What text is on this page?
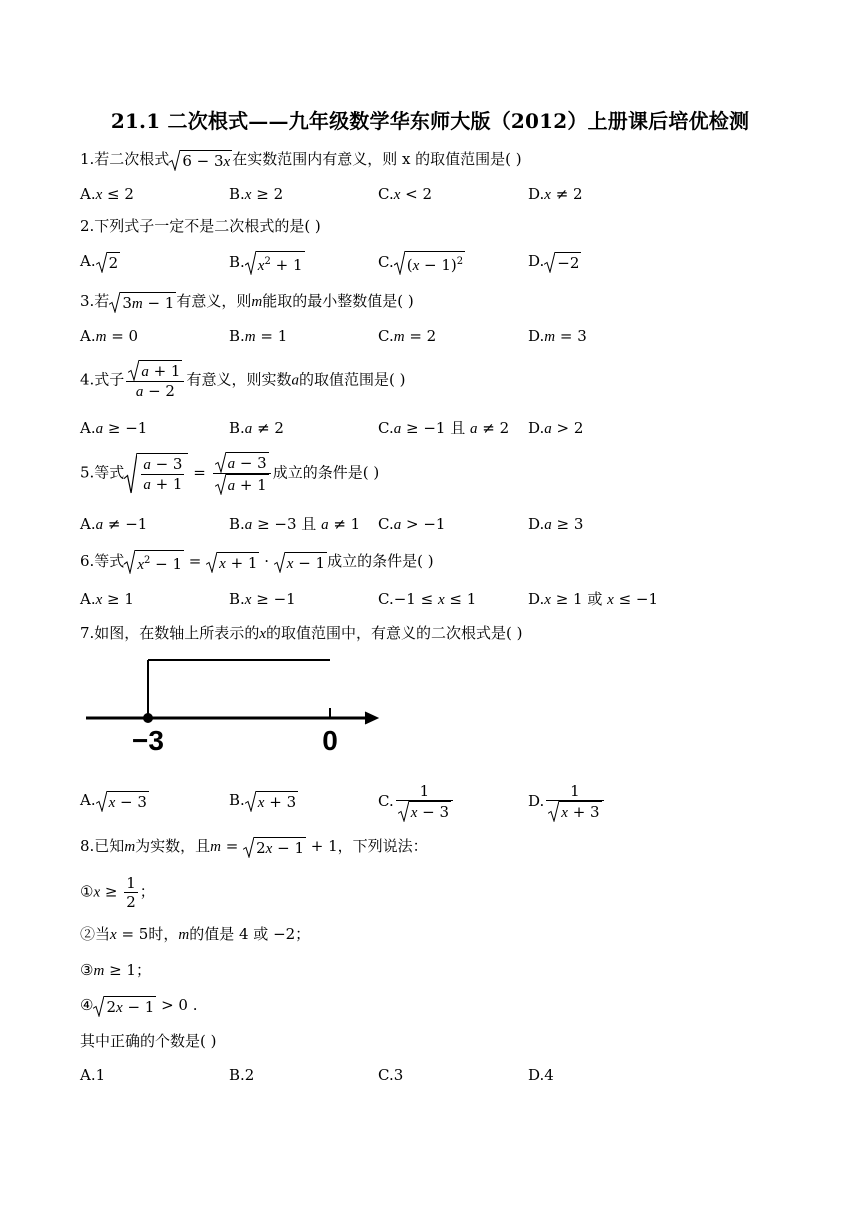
21.1 二次根式——九年级数学华东师大版（2012）上册课后培优检测
1.若二次根式 6 − 3x 在实数范围内有意义，则 x 的取值范围是( )
A.x ≤ 2	B.x ≥ 2	C.x < 2	D.x ≠ 2
2.下列式子一定不是二次根式的是( )
A. 2	B. $x^2 + 1$	C. $(x - 1)^2$	D. −2
3.若 3m − 1 有意义，则m能取的最小整数值是( )
A.m = 0	B.m = 1	C.m = 2	D.m = 3
4.式子 $\frac{a + 1}{a - 2}$ 有意义，则实数a的取值范围是( )
A.a ≥ −1	B.a ≠ 2	C.a ≥ −1 且 a ≠ 2 D.a > 2
5.等式 $\frac{a - 3}{a + 1} = \frac{a - 3}{a + 1}$ 成立的条件是( )
A.a ≠ −1	B.a ≥ −3 且 a ≠ 1 C.a > −1	D.a ≥ 3
6.等式 $x^2 - 1$ =
x + 1 ·
x − 1 成立的条件是( )
A.x ≥ 1	B.x ≥ −1	C.−1 ≤ x ≤ 1	D.x ≥ 1 或 x ≤ −1
7.如图，在数轴上所表示的x的取值范围中，有意义的二次根式是( )
−3	0
A. x − 3	B. x + 3	C. $\frac{1}{x - 3}$	D. $\frac{1}{x + 3}$
8.已知m为实数，且m =
2x − 1 + 1，下列说法：
①x ≥ $\frac{1}{2}$ ；
②当x = 5时，m的值是 4 或 −2；
③m ≥ 1；
④ 2x − 1 > 0 .
其中正确的个数是( )
A.1	B.2	C.3	D.4
